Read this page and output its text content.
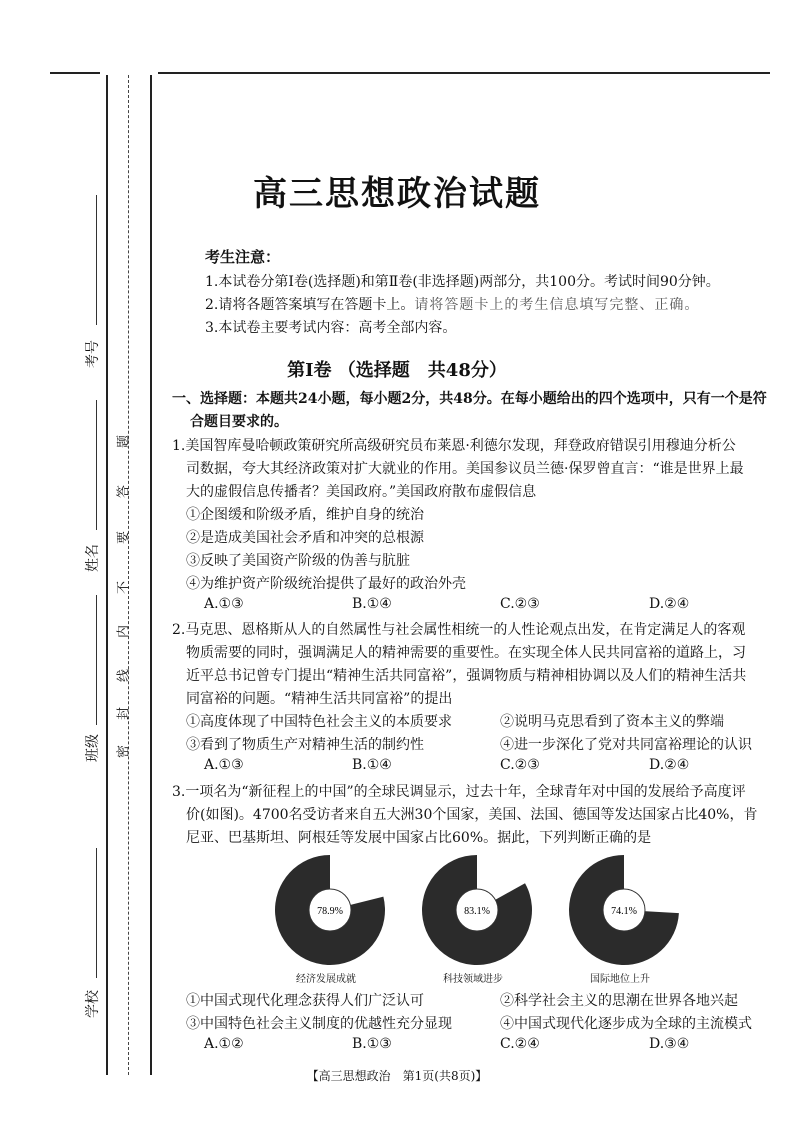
考号
姓名
班级
学校
密
封
线
内
不
要
答
题
高三思想政治试题
考生注意：
1.本试卷分第Ⅰ卷(选择题)和第Ⅱ卷(非选择题)两部分，共100分。考试时间90分钟。
2.请将各题答案填写在答题卡上。请将答题卡上的考生信息填写完整、正确。
3.本试卷主要考试内容：高考全部内容。
第Ⅰ卷 （选择题　共48分）
一、选择题：本题共24小题，每小题2分，共48分。在每小题给出的四个选项中，只有一个是符
合题目要求的。
1.美国智库曼哈顿政策研究所高级研究员布莱恩·利德尔发现，拜登政府错误引用穆迪分析公
司数据，夸大其经济政策对扩大就业的作用。美国参议员兰德·保罗曾直言：“谁是世界上最
大的虚假信息传播者？美国政府。”美国政府散布虚假信息
①企图缓和阶级矛盾，维护自身的统治
②是造成美国社会矛盾和冲突的总根源
③反映了美国资产阶级的伪善与肮脏
④为维护资产阶级统治提供了最好的政治外壳
A.①③	B.①④	C.②③	D.②④
2.马克思、恩格斯从人的自然属性与社会属性相统一的人性论观点出发，在肯定满足人的客观
物质需要的同时，强调满足人的精神需要的重要性。在实现全体人民共同富裕的道路上，习
近平总书记曾专门提出“精神生活共同富裕”，强调物质与精神相协调以及人们的精神生活共
同富裕的问题。“精神生活共同富裕”的提出
①高度体现了中国特色社会主义的本质要求	②说明马克思看到了资本主义的弊端
③看到了物质生产对精神生活的制约性	④进一步深化了党对共同富裕理论的认识
A.①③	B.①④	C.②③	D.②④
3.一项名为“新征程上的中国”的全球民调显示，过去十年，全球青年对中国的发展给予高度评
价(如图)。4700名受访者来自五大洲30个国家，美国、法国、德国等发达国家占比40%，肯
尼亚、巴基斯坦、阿根廷等发展中国家占比60%。据此，下列判断正确的是
78.9%	83.1%	74.1%
经济发展成就	科技领域进步	国际地位上升
①中国式现代化理念获得人们广泛认可	②科学社会主义的思潮在世界各地兴起
③中国特色社会主义制度的优越性充分显现	④中国式现代化逐步成为全球的主流模式
A.①②	B.①③	C.②④	D.③④
【高三思想政治　第1页(共8页)】
